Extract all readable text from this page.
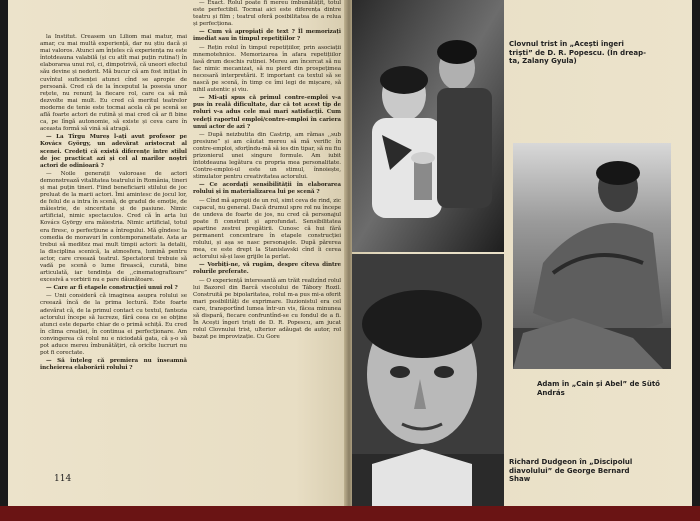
la Institut. Creasem un Liliom mai matur, mai amar, cu mai multă experiență, dar nu știu dacă și mai valoros. Atunci am înțeles că experiența nu este întotdeauna valabilă (și cu atît mai puțin rutina!) în elaborarea unui rol, ci, dimpotrivă, că uneori efectul său devine și nedorit. Mă bucur că am fost inițiat în cuvîntul suficienței atunci cînd se apropie de persoană. Cred că de la începutul la posesia unor rețete, nu renunț la fiecare rol, care ca să mă dezvolte mai mult. Eu cred că meritul teatrelor moderne de tenie este tocmai acela că pe scenă se află foarte actori de rutină și mai cred că ar fi bine ca, pe lîngă autonomie, să existe și ceva care în aceasta formă să vină să atragă.

— La Tîrgu Mureș l-ați avut profesor pe Kovács György, un adevărat aristocrat al scenei. Credeți că există diferențe între stilul de joc practicat azi și cel al marilor noștri actori de odinioară ?

— Noile generații valoroase de actori demonstrează vitalitatea teatrului în România, tineri și mai puțin tineri. Fiind beneficiarii stilului de joc preluat de la marii actori. Îmi amintesc de jocul lor, de felul de a intra în scenă, de gradul de emoție, de măiestrie, de sinceritate și de pasiune. Nimic artificial, nimic spectaculos. Cred că în arta lui Kovács György era măiestria. Nimic artificial, totul era firesc, o perfecțiune a întregului. Mă gîndesc la comedia de moravuri în contemporaneitate. Asta ar trebui să meditez mai mult timpii actori: la detalii, la disciplina scenică, la atmosfera, lumină pentru actor, care creează teatrul. Spectatorul trebuie să vadă pe scenă o lume firească, curată, bine articulată, iar tendința de ,,cinematografizare” excesivă a vorbirii nu e pare dăunătoare.

— Care ar fi etapele construcției unui rol ?

— Unii consideră că imaginea asupra rolului se creează încă de la prima lectură. Este foarte adevărat că, de la primul contact cu textul, fantezia actorului începe să lucreze, fără ceea ce se obține atunci este departe chiar de o primă schiță. Eu cred în clima creației, în continua ei perfecționare. Am convingerea că rolul nu e niciodată gata, că ș-o să pot aduce mereu îmbunătățiri, că oricîte lucruri nu pot fi corectate.

— Să înțeleg că premiera nu înseamnă încheierea elaborării rolului ?

— Exact. Rolul poate fi mereu îmbunătățit, totul este perfectibil. Tocmai aici este diferența dintre teatru și film ; teatrul oferă posibilitatea de a relua și perfecționa.

— Cum vă apropiați de text ? Îl memorizați imediat sau în timpul repetițiilor ?

— Rețin rolul în timpul repetițiilor, prin asociații mnemotehnice. Memorizarea în afara repetițiilor lasă drum deschis rutinei. Mereu am încercat să nu fac nimic mecanizat, să nu pierd din prospețimea necesară interpretării. E important ca textul să se nască pe scenă, în timp ce îmi legi de mișcare, să nihil autentic și viu.

— Mi-ați spus că primul contre-emploi v-a pus în reală dificultate, dar că tot acest tip de roluri v-a adus cele mai mari satisfacții. Cum vedeți raportul emploi/contre-emploi în cariera unui actor de azi ?

— După neizbutita din Castrip, am rămas ,,sub presiune” și am căutat mereu să mă verific în contre-emploi, sforțîndu-mă să ies din tipar, să nu fiu prizonierul unei singure formule. Am iubit întotdeauna legătura cu propria mea personalitate. Contre-emploi-ul este un stimul, înnoiește, stimulator pentru creativitatea actorului.

— Ce acordați sensibilității în elaborarea rolului și în materializarea lui pe scenă ?

— Cînd mă apropii de un rol, simt ceva de rind, zic capacul, nu general. Dacă drumul spre rol nu începe de undeva de foarte de jos, nu cred că personajul poate fi construit și aprofundat. Sensibilitatea apartine zestrei pregătirii. Cunosc că hui fără permanent concentrare în etapele construcției rolului, și așa se nasc personajele. După părerea mea, ce este drept la Stanislavski cînd îi cerea actorului să-și lase grijile la perlat.

— Vorbiți-ne, vă rugăm, despre cîteva dintre rolurile preferate.

— O experiență interesantă am trăit realizînd rolul lui Bazorel din Barcă viscolului de Tábory Rozil. Construită pe bipolaritatea, rolul m-a pus mi-a oferit mari posibilități de exprimare. Iluzionistul era cel care, transportînd lumea într-un vis, făcea minunea să dispară, fiecare confruntînd-se cu fondul de a fi. În Acești îngeri triști de D. R. Popescu, am jucat rolul Clovnului trist, ulterior adăugat de autor, rol bazat pe improvizație. Cu Gore

114
Clovnul trist în „Acești îngeri
triști” de D. R. Popescu. (În dreap-
ta, Zalany Gyula)
Adam în „Cain și Abel” de Sütő
András
Richard Dudgeon în „Discipolul
diavolului” de George Bernard
Shaw
